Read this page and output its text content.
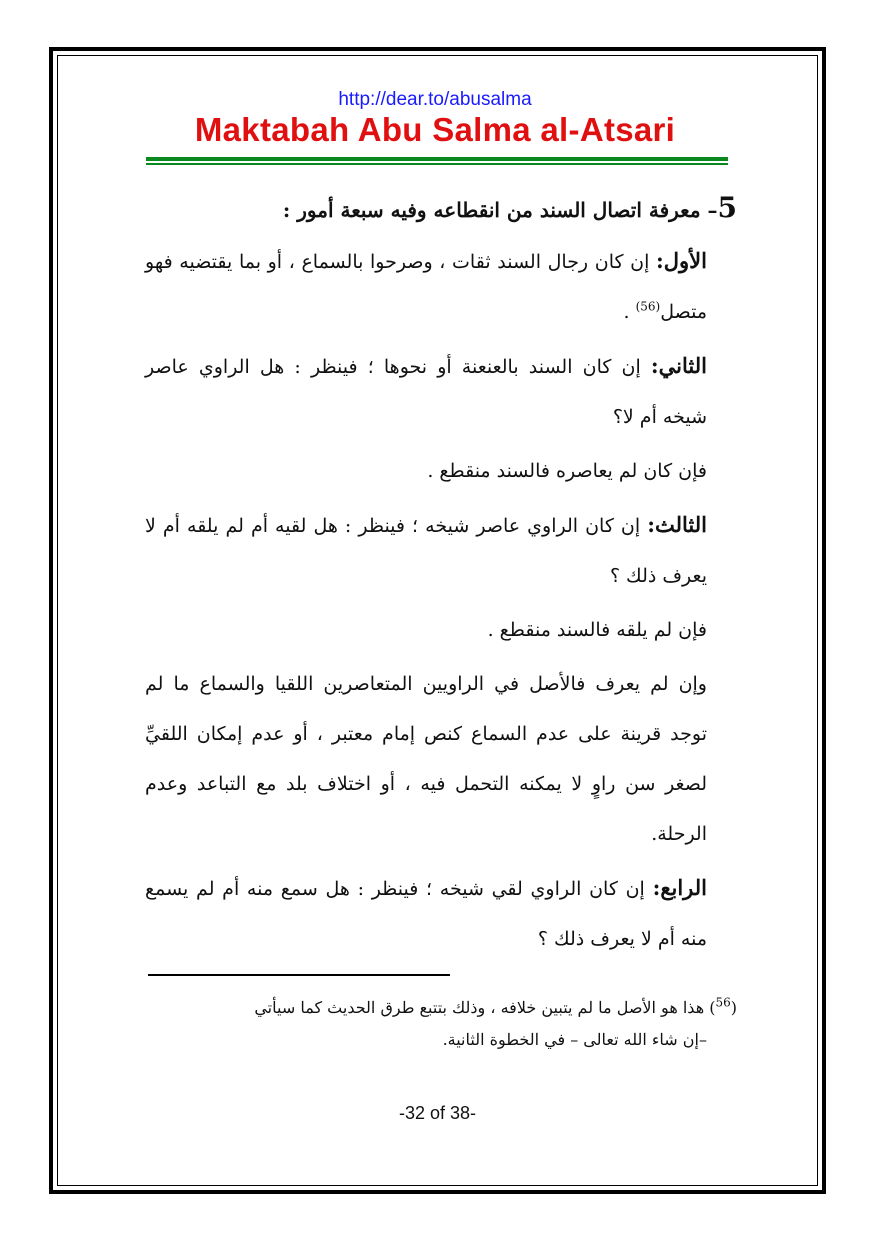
http://dear.to/abusalma
Maktabah Abu Salma al-Atsari

5– معرفة اتصال السند من انقطاعه وفيه سبعة أمور :

الأول: إن كان رجال السند ثقات ، وصرحوا بالسماع ، أو بما يقتضيه فهو متصل$^{(56)}$ .

الثاني: إن كان السند بالعنعنة أو نحوها ؛ فينظر : هل الراوي عاصر شيخه أم لا؟

فإن كان لم يعاصره فالسند منقطع .

الثالث: إن كان الراوي عاصر شيخه ؛ فينظر : هل لقيه أم لم يلقه أم لا يعرف ذلك ؟

فإن لم يلقه فالسند منقطع .

وإن لم يعرف فالأصل في الراويين المتعاصرين اللقيا والسماع ما لم توجد قرينة على عدم السماع كنص إمام معتبر ، أو عدم إمكان اللقيِّ لصغر سن راوٍ لا يمكنه التحمل فيه ، أو اختلاف بلد مع التباعد وعدم الرحلة.

الرابع: إن كان الراوي لقي شيخه ؛ فينظر : هل سمع منه أم لم يسمع منه أم لا يعرف ذلك ؟

($^{56}$) هذا هو الأصل ما لم يتبين خلافه ، وذلك بتتبع طرق الحديث كما سيأتي
–إن شاء الله تعالى – في الخطوة الثانية.
-32 of 38-
